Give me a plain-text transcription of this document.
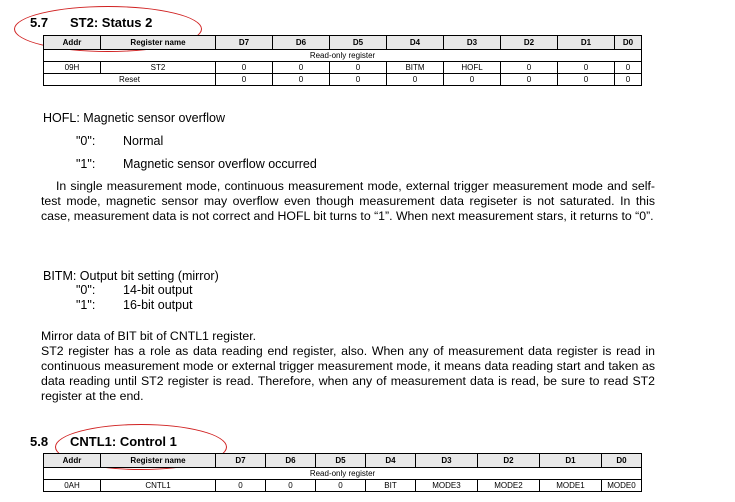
5.7 ST2: Status 2
Addr	Register name	D7	D6	D5	D4	D3	D2	D1	D0
Read-only register									
09H	ST2	0	0	0	BITM	HOFL	0	0	0
Reset		0	0	0	0	0	0	0	0
HOFL: Magnetic sensor overflow
"0": Normal
"1": Magnetic sensor overflow occurred
In single measurement mode, continuous measurement mode, external trigger measurement mode and self-test mode, magnetic sensor may overflow even though measurement data regiseter is not saturated. In this case, measurement data is not correct and HOFL bit turns to “1”. When next measurement stars, it returns to “0”.
BITM: Output bit setting (mirror)
"0": 14-bit output
"1": 16-bit output
Mirror data of BIT bit of CNTL1 register.
ST2 register has a role as data reading end register, also. When any of measurement data register is read in continuous measurement mode or external trigger measurement mode, it means data reading start and taken as data reading until ST2 register is read. Therefore, when any of measurement data is read, be sure to read ST2 register at the end.
5.8 CNTL1: Control 1
Addr	Register name	D7	D6	D5	D4	D3	D2	D1	D0
Read-only register									
0AH	CNTL1	0	0	0	BIT	MODE3	MODE2	MODE1	MODE0
